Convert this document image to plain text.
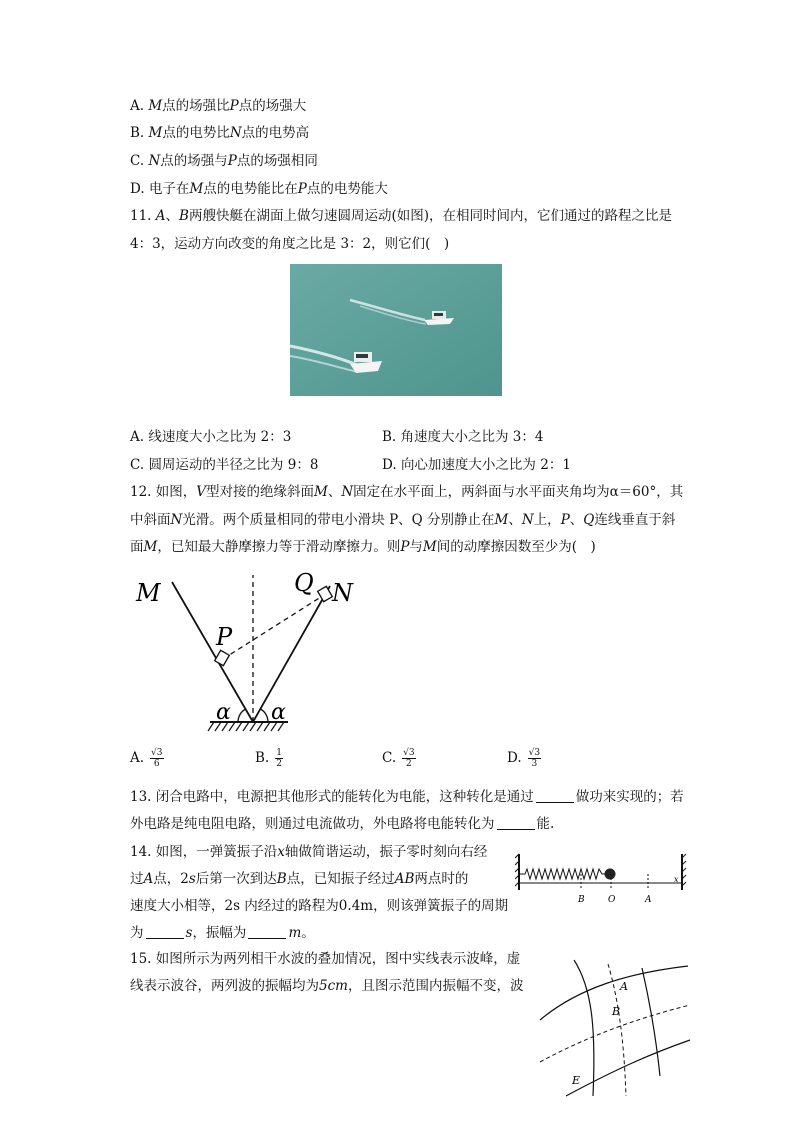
A. M点的场强比P点的场强大
B. M点的电势比N点的电势高
C. N点的场强与P点的场强相同
D. 电子在M点的电势能比在P点的电势能大
11. A、B两艘快艇在湖面上做匀速圆周运动(如图)，在相同时间内，它们通过的路程之比是
4：3，运动方向改变的角度之比是 3：2，则它们(　)
A. 线速度大小之比为 2：3	B. 角速度大小之比为 3：4
C. 圆周运动的半径之比为 9：8	D. 向心加速度大小之比为 2：1
12. 如图，V型对接的绝缘斜面M、N固定在水平面上，两斜面与水平面夹角均为α＝60°，其
中斜面N光滑。两个质量相同的带电小滑块 P、Q 分别静止在M、N上，P、Q连线垂直于斜
面M，已知最大静摩擦力等于滑动摩擦力。则P与M间的动摩擦因数至少为(　)
M	N
Q
P
α α
A. $\frac{√3}{6}$	B. $\frac{1}{2}$	C. $\frac{√3}{2}$	D. $\frac{√3}{3}$
13. 闭合电路中，电源把其他形式的能转化为电能，这种转化是通过	做功来实现的；若
外电路是纯电阻电路，则通过电流做功，外电路将电能转化为	能.
14. 如图，一弹簧振子沿x轴做简谐运动，振子零时刻向右经
过A点，2s后第一次到达B点，已知振子经过AB两点时的
速度大小相等，2s 内经过的路程为0.4m，则该弹簧振子的周期
为	s，振幅为	m。
B	O	A
x
15. 如图所示为两列相干水波的叠加情况，图中实线表示波峰，虚
线表示波谷，两列波的振幅均为5cm，且图示范围内振幅不变，波	A
B
E
